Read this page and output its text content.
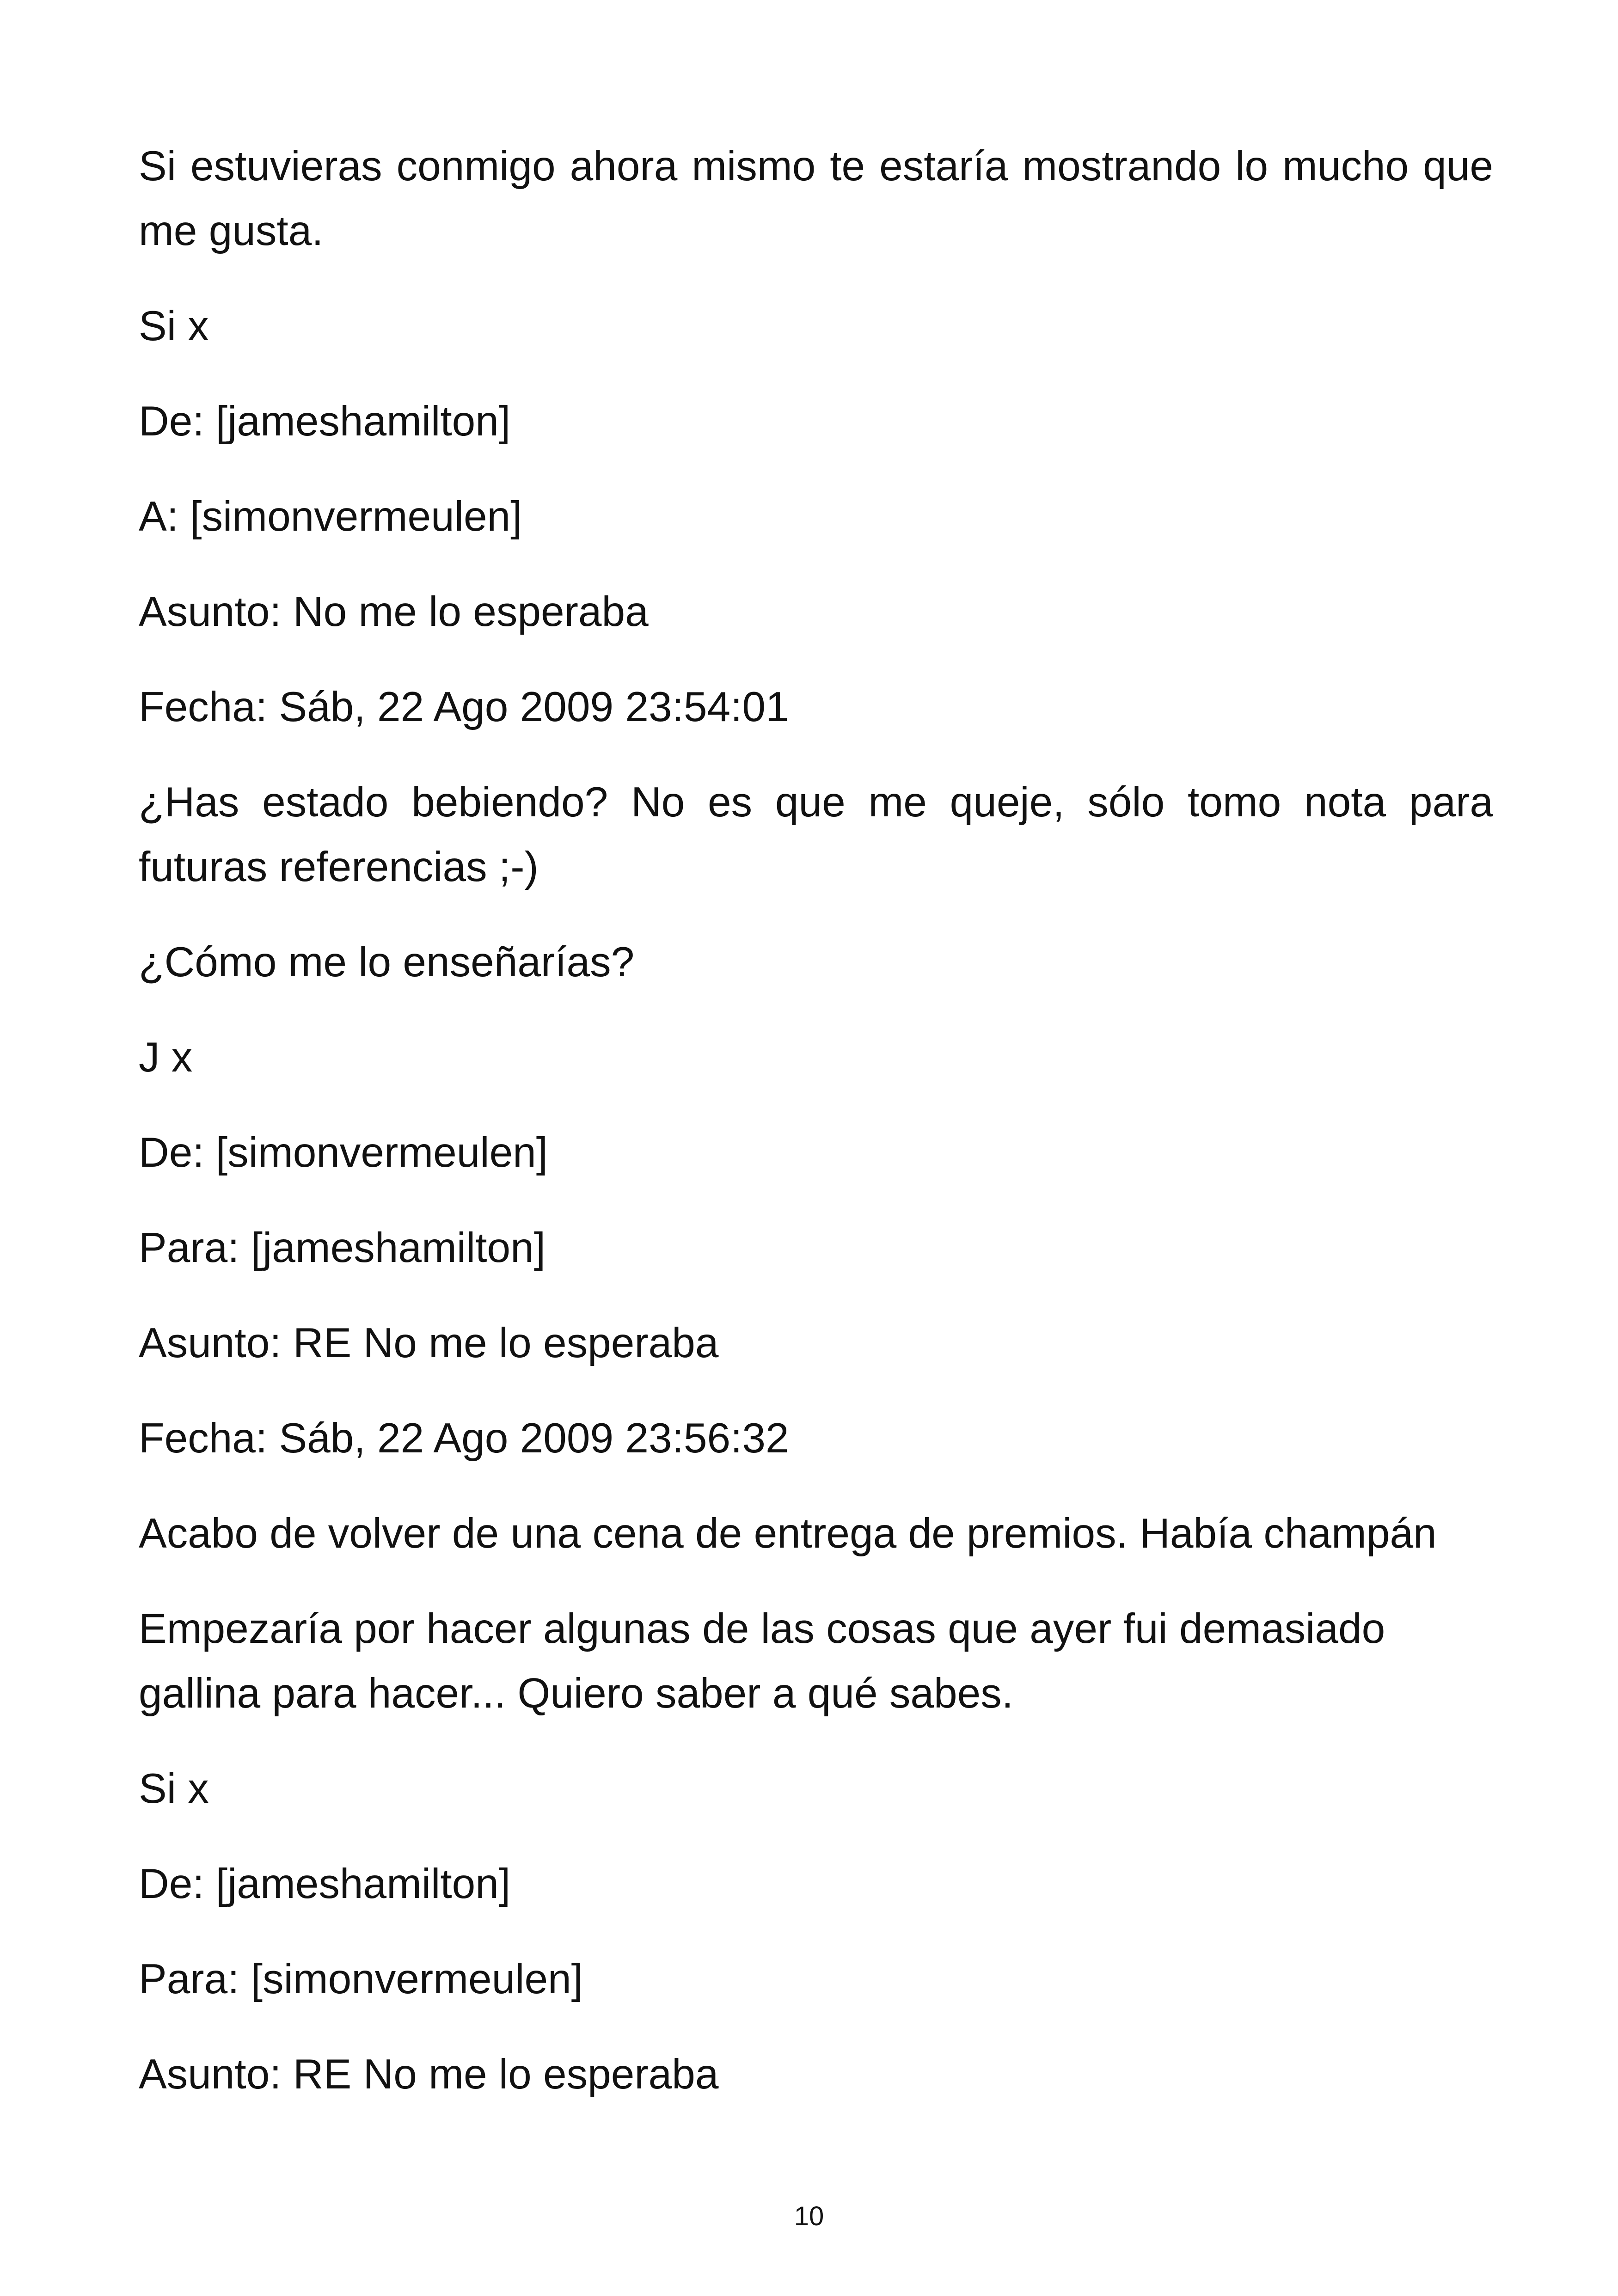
Si estuvieras conmigo ahora mismo te estaría mostrando lo mucho que me gusta.

Si x

De: [jameshamilton]

A: [simonvermeulen]

Asunto: No me lo esperaba

Fecha: Sáb, 22 Ago 2009 23:54:01

¿Has estado bebiendo? No es que me queje, sólo tomo nota para futuras referencias ;-)

¿Cómo me lo enseñarías?

J x

De: [simonvermeulen]

Para: [jameshamilton]

Asunto: RE No me lo esperaba

Fecha: Sáb, 22 Ago 2009 23:56:32

Acabo de volver de una cena de entrega de premios. Había champán

Empezaría por hacer algunas de las cosas que ayer fui demasiado gallina para hacer... Quiero saber a qué sabes.

Si x

De: [jameshamilton]

Para: [simonvermeulen]

Asunto: RE No me lo esperaba

10
